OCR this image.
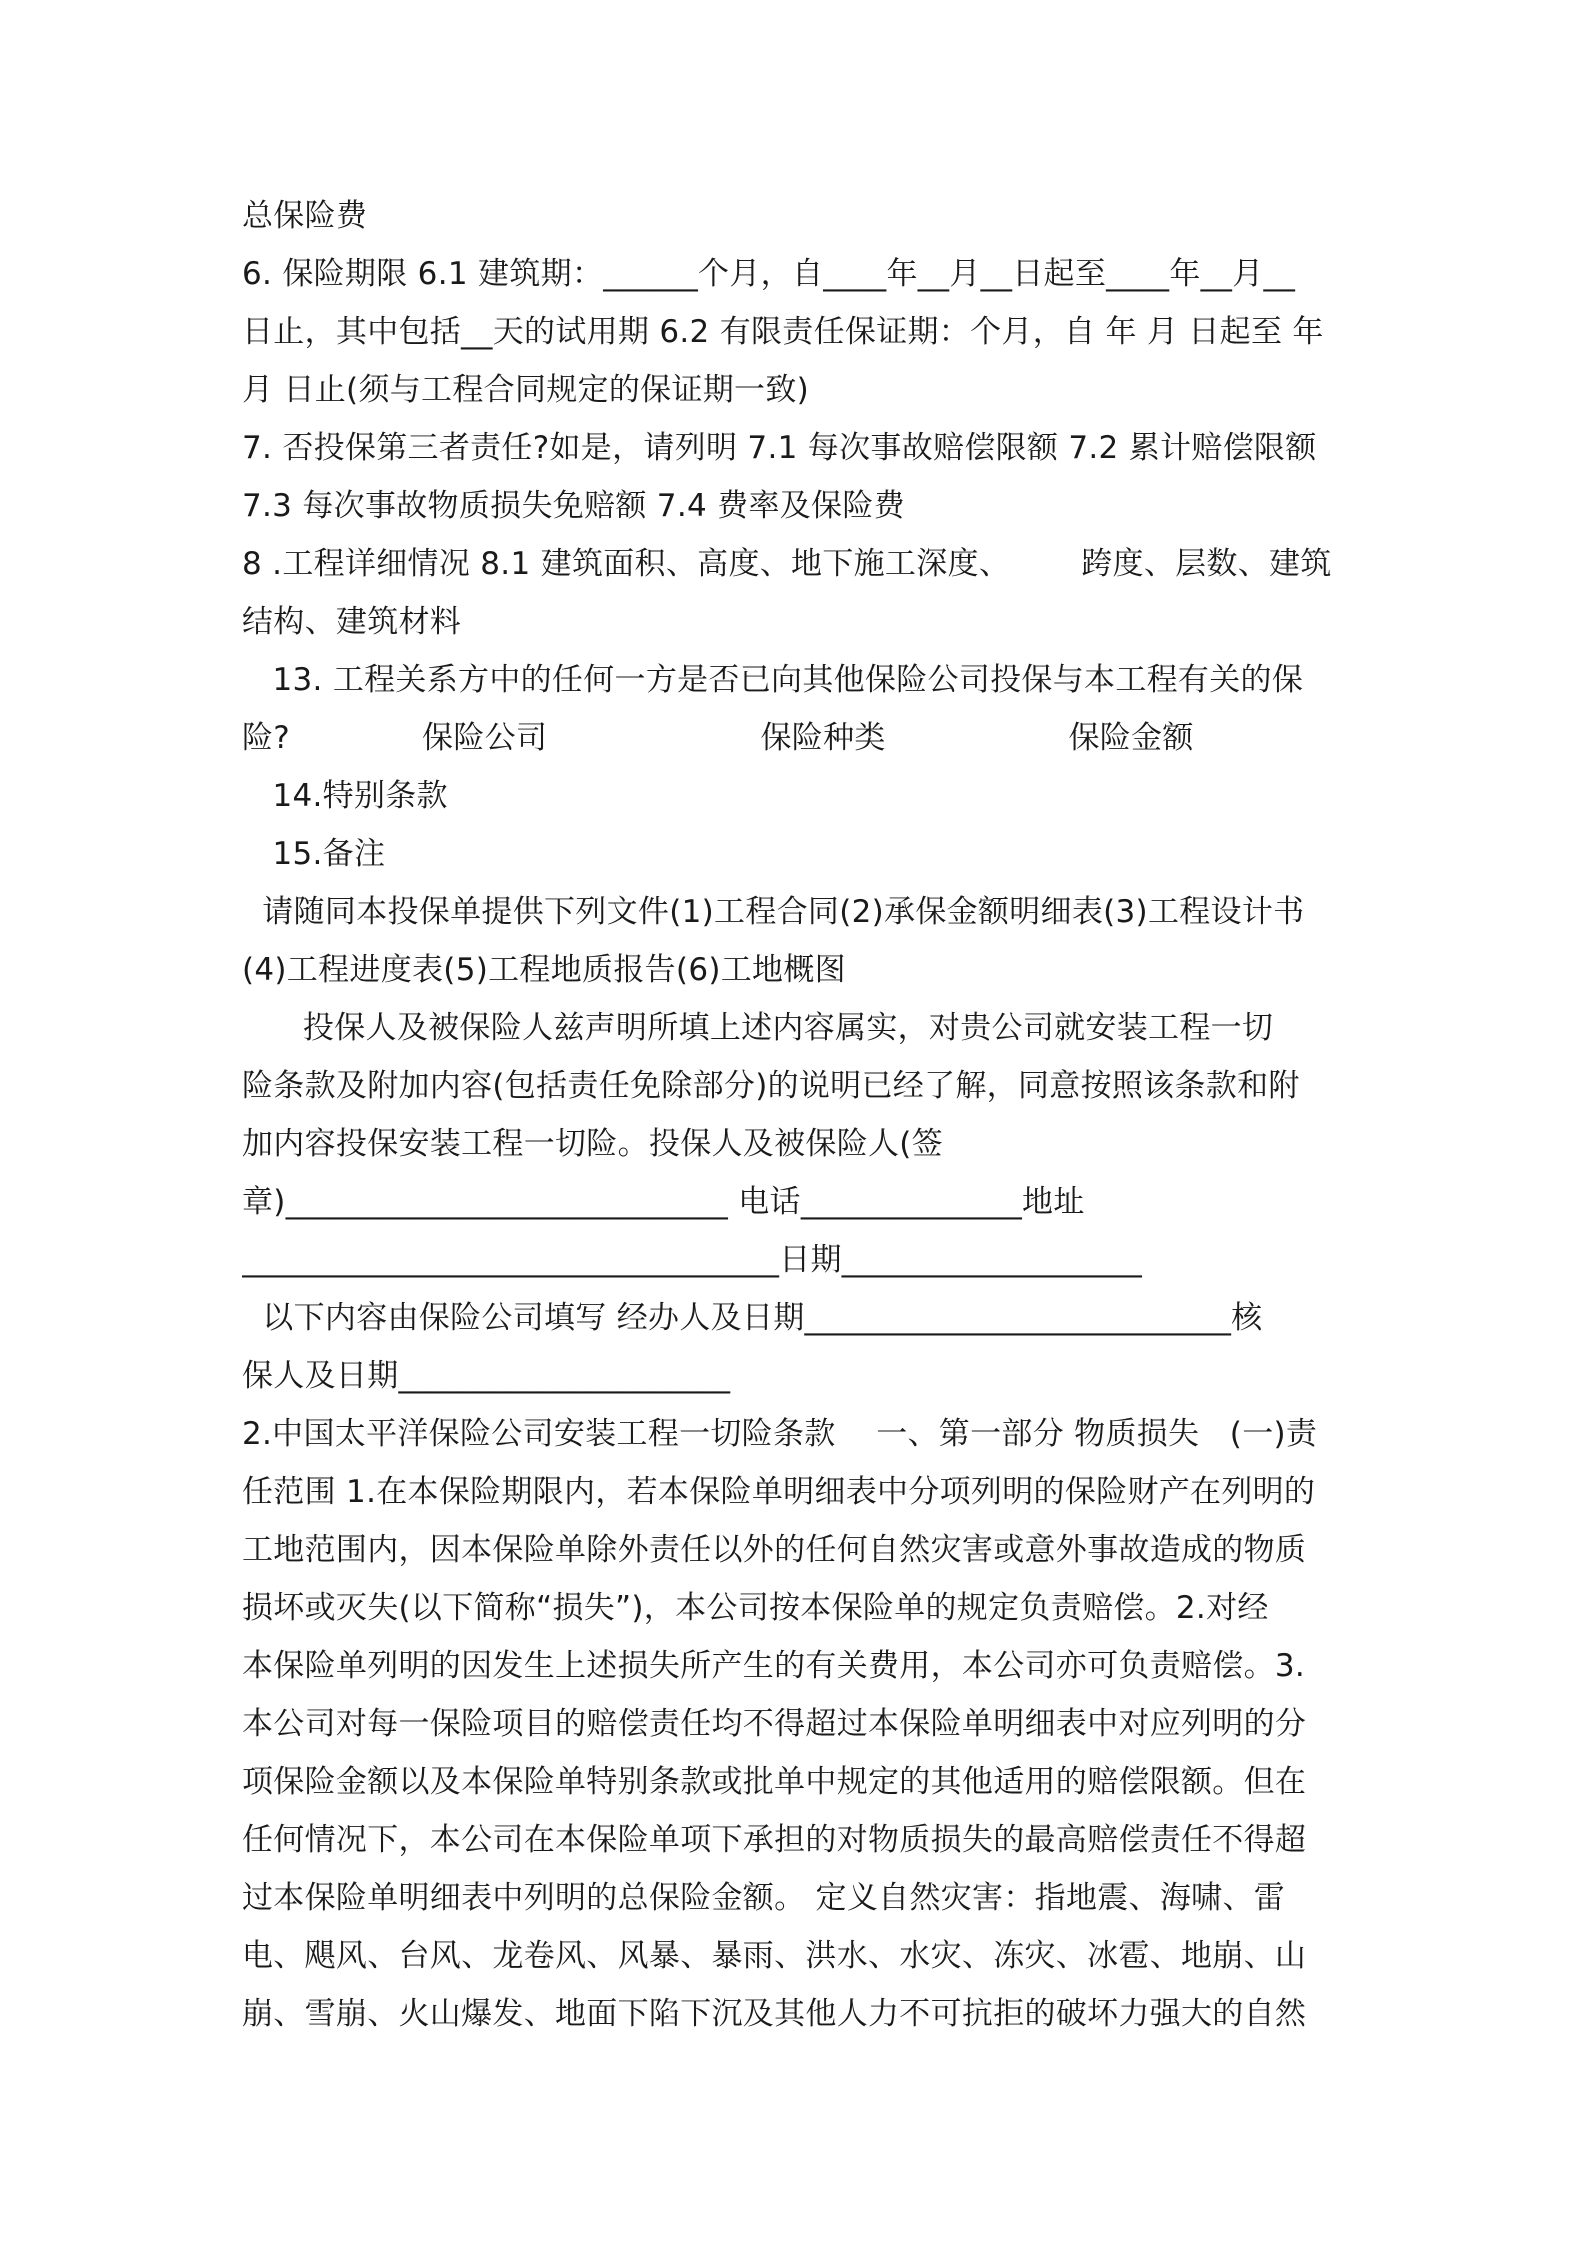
总保险费
6. 保险期限 6.1 建筑期：______个月，自____年__月__日起至____年__月__
日止，其中包括__天的试用期 6.2 有限责任保证期：个月，自 年 月 日起至 年
月 日止(须与工程合同规定的保证期一致)
7. 否投保第三者责任?如是，请列明 7.1 每次事故赔偿限额 7.2 累计赔偿限额
7.3 每次事故物质损失免赔额 7.4 费率及保险费
8 .工程详细情况 8.1 建筑面积、高度、地下施工深度、       跨度、层数、建筑
结构、建筑材料
13. 工程关系方中的任何一方是否已向其他保险公司投保与本工程有关的保
险?             保险公司                     保险种类                  保险金额
14.特别条款
15.备注
请随同本投保单提供下列文件(1)工程合同(2)承保金额明细表(3)工程设计书
(4)工程进度表(5)工程地质报告(6)工地概图
投保人及被保险人兹声明所填上述内容属实，对贵公司就安装工程一切
险条款及附加内容(包括责任免除部分)的说明已经了解，同意按照该条款和附
加内容投保安装工程一切险。投保人及被保险人(签
章)____________________________ 电话______________地址
__________________________________日期___________________
以下内容由保险公司填写 经办人及日期___________________________核
保人及日期_____________________
2.中国太平洋保险公司安装工程一切险条款    一、第一部分 物质损失   (一)责
任范围 1.在本保险期限内，若本保险单明细表中分项列明的保险财产在列明的
工地范围内，因本保险单除外责任以外的任何自然灾害或意外事故造成的物质
损坏或灭失(以下简称“损失”)，本公司按本保险单的规定负责赔偿。2.对经
本保险单列明的因发生上述损失所产生的有关费用，本公司亦可负责赔偿。3.
本公司对每一保险项目的赔偿责任均不得超过本保险单明细表中对应列明的分
项保险金额以及本保险单特别条款或批单中规定的其他适用的赔偿限额。但在
任何情况下，本公司在本保险单项下承担的对物质损失的最高赔偿责任不得超
过本保险单明细表中列明的总保险金额。 定义自然灾害：指地震、海啸、雷
电、飓风、台风、龙卷风、风暴、暴雨、洪水、水灾、冻灾、冰雹、地崩、山
崩、雪崩、火山爆发、地面下陷下沉及其他人力不可抗拒的破坏力强大的自然
